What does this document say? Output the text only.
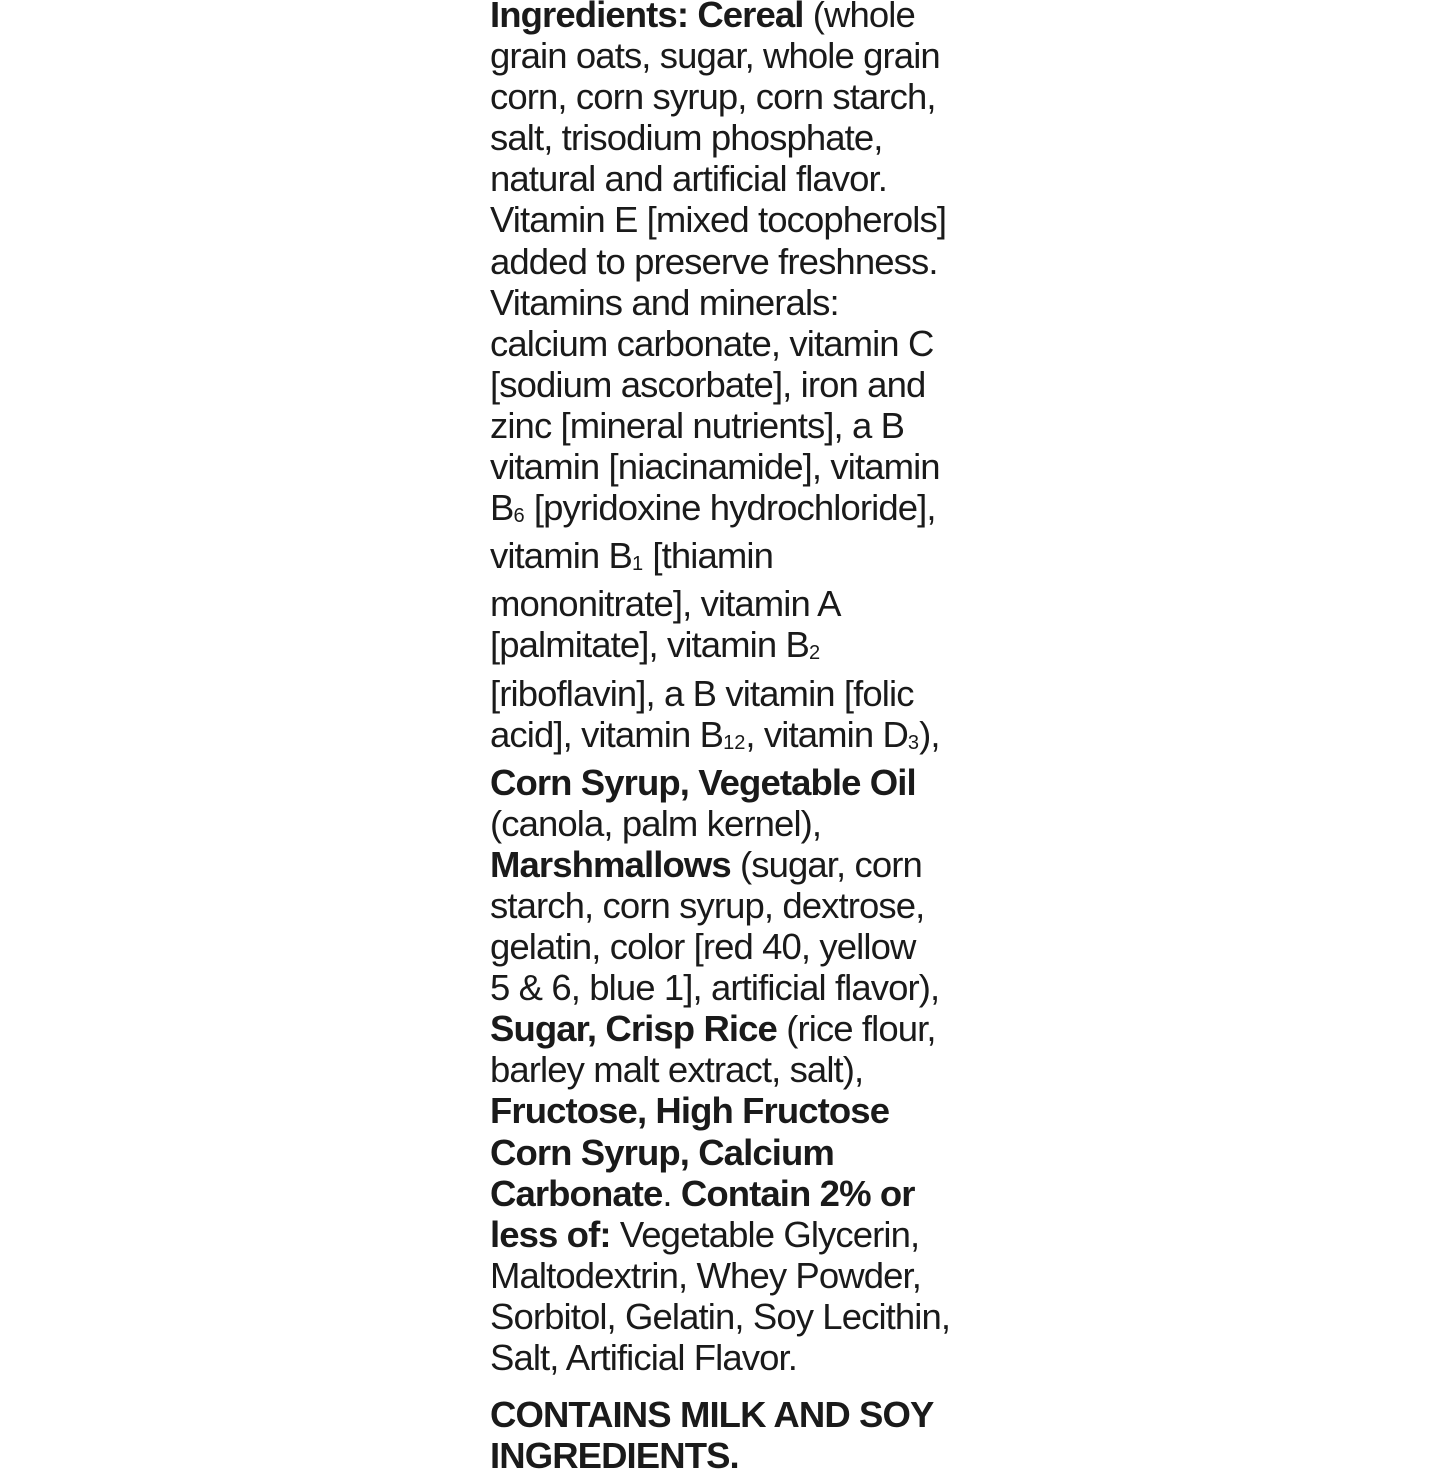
Ingredients: Cereal (whole
grain oats, sugar, whole grain
corn, corn syrup, corn starch,
salt, trisodium phosphate,
natural and artificial flavor.
Vitamin E [mixed tocopherols]
added to preserve freshness.
Vitamins and minerals:
calcium carbonate, vitamin C
[sodium ascorbate], iron and
zinc [mineral nutrients], a B
vitamin [niacinamide], vitamin
$B_6$ [pyridoxine hydrochloride],
vitamin $B_1$ [thiamin
mononitrate], vitamin A
[palmitate], vitamin $B_2$
[riboflavin], a B vitamin [folic
acid], vitamin $B_{12}$, vitamin $D_3$),
Corn Syrup, Vegetable Oil
(canola, palm kernel),
Marshmallows (sugar, corn
starch, corn syrup, dextrose,
gelatin, color [red 40, yellow
5 & 6, blue 1], artificial flavor),
Sugar, Crisp Rice (rice flour,
barley malt extract, salt),
Fructose, High Fructose
Corn Syrup, Calcium
Carbonate. Contain 2% or
less of: Vegetable Glycerin,
Maltodextrin, Whey Powder,
Sorbitol, Gelatin, Soy Lecithin,
Salt, Artificial Flavor.
CONTAINS MILK AND SOY
INGREDIENTS.
